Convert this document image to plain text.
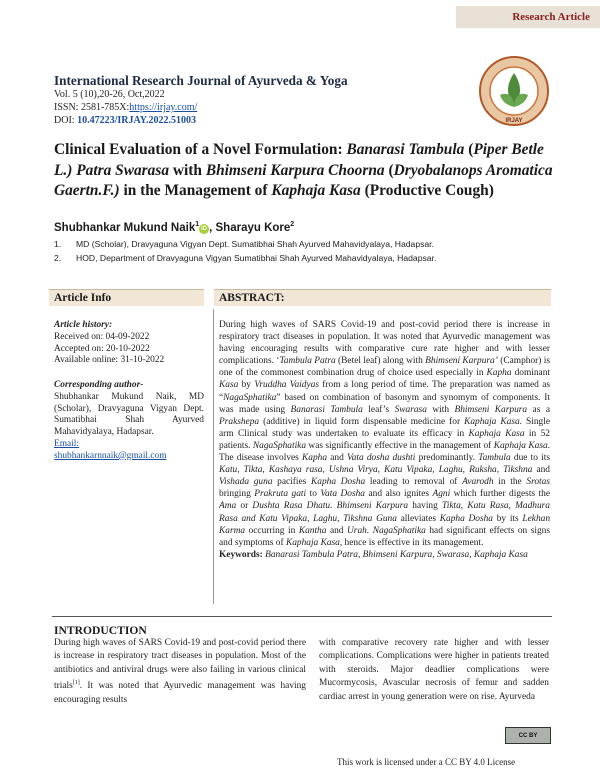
Research Article
International Research Journal of Ayurveda & Yoga
Vol. 5 (10),20-26, Oct,2022
ISSN: 2581-785X:https://irjay.com/
DOI: 10.47223/IRJAY.2022.51003	IRJAY
Clinical Evaluation of a Novel Formulation: Banarasi Tambula (Piper Betle L.) Patra Swarasa with Bhimseni Karpura Choorna (Dryobalanops Aromatica Gaertn.F.) in the Management of Kaphaja Kasa (Productive Cough)
Shubhankar Mukund Naik$^1$iD , Sharayu Kore$^2$
1. MD (Scholar), Dravyaguna Vigyan Dept. Sumatibhai Shah Ayurved Mahavidyalaya, Hadapsar.
2. HOD, Department of Dravyaguna Vigyan Sumatibhai Shah Ayurved Mahavidyalaya, Hadapsar.
Article Info	ABSTRACT:
Article history:
Received on: 04-09-2022
Accepted on: 20-10-2022
Available online: 31-10-2022
Corresponding author-
Shubhankar Mukund Naik, MD (Scholar), Dravyaguna Vigyan Dept. Sumatibhai Shah Ayurved Mahavidyalaya, Hadapsar.
Email:
shubhankarnnaik@gmail.com
During high waves of SARS Covid-19 and post-covid period there is increase in respiratory tract diseases in population. It was noted that Ayurvedic management was having encouraging results with comparative cure rate higher and with lesser complications. ‘Tambula Patra (Betel leaf) along with Bhimseni Karpura’ (Camphor) is one of the commonest combination drug of choice used especially in Kapha dominant Kasa by Vruddha Vaidyas from a long period of time. The preparation was named as “NagaSphatika” based on combination of basonym and synomym of components. It was made using Banarasi Tambula leaf’s Swarasa with Bhimseni Karpura as a Prakshepa (additive) in liquid form dispensable medicine for Kaphaja Kasa. Single arm Clinical study was undertaken to evaluate its efficacy in Kaphaja Kasa in 52 patients. NagaSphatika was significantly effective in the management of Kaphaja Kasa. The disease involves Kapha and Vata dosha dushti predominantly. Tambula due to its Katu, Tikta, Kashaya rasa, Ushna Virya, Katu Vipaka, Laghu, Ruksha, Tikshna and Vishada guna pacifies Kapha Dosha leading to removal of Avarodh in the Srotas bringing Prakruta gati to Vata Dosha and also ignites Agni which further digests the Ama or Dushta Rasa Dhatu. Bhimseni Karpura having Tikta, Katu Rasa, Madhura Rasa and Katu Vipaka, Laghu, Tikshna Guna alleviates Kapha Dosha by its Lekhan Karma occurring in Kantha and Urah. NagaSphatika had significant effects on signs and symptoms of Kaphaja Kasa, hence is effective in its management.
Keywords: Banarasi Tambula Patra, Bhimseni Karpura, Swarasa, Kaphaja Kasa
INTRODUCTION
During high waves of SARS Covid-19 and post-covid period there is increase in respiratory tract diseases in population. Most of the antibiotics and antiviral drugs were also failing in various clinical trials[1]. It was noted that Ayurvedic management was having encouraging results
with comparative recovery rate higher and with lesser complications. Complications were higher in patients treated with steroids. Major deadlier complications were Mucormycosis, Avascular necrosis of femur and sadden cardiac arrest in young generation were on rise. Ayurveda
CC BY
This work is licensed under a CC BY 4.0 License
